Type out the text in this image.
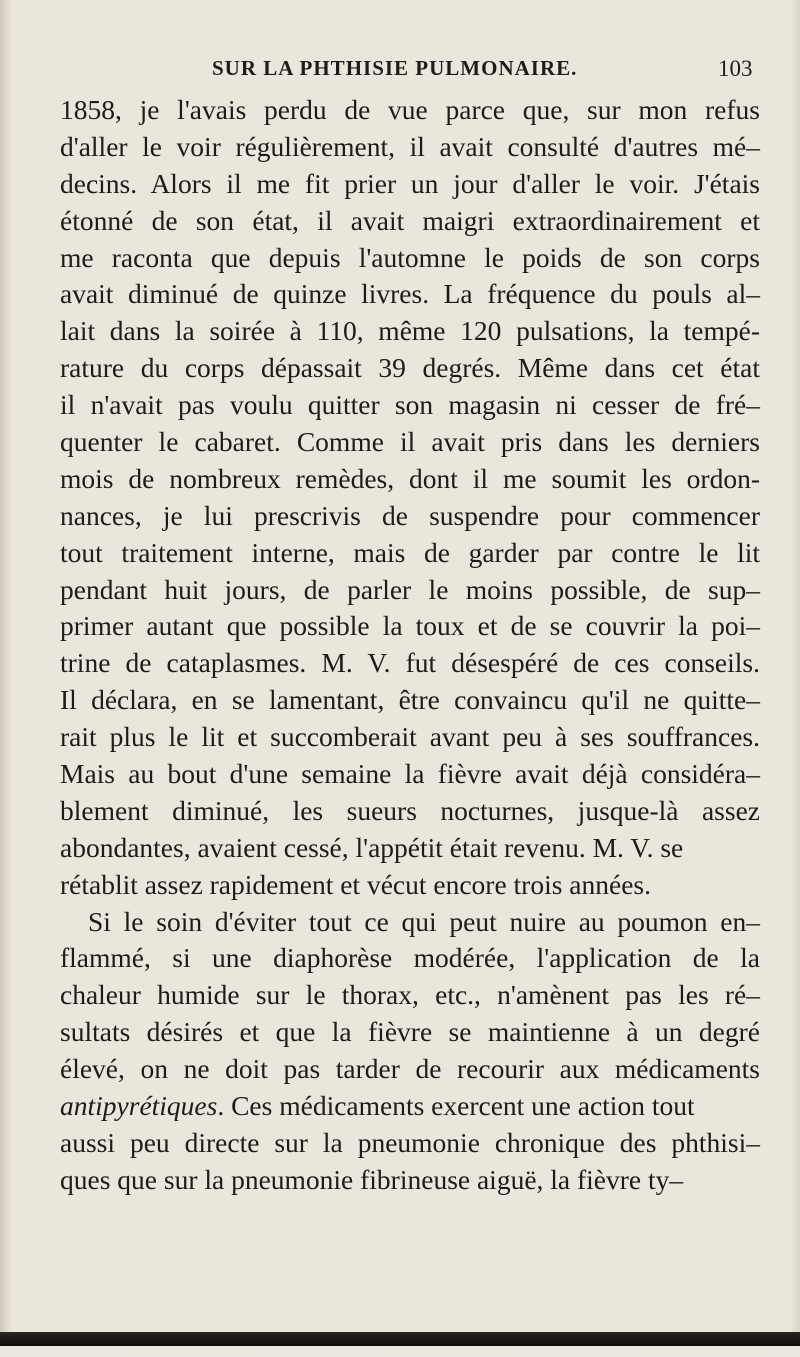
SUR LA PHTHISIE PULMONAIRE.	103
1858, je l'avais perdu de vue parce que, sur mon refus
d'aller le voir régulièrement, il avait consulté d'autres mé–
decins. Alors il me fit prier un jour d'aller le voir. J'étais
étonné de son état, il avait maigri extraordinairement et
me raconta que depuis l'automne le poids de son corps
avait diminué de quinze livres. La fréquence du pouls al–
lait dans la soirée à 110, même 120 pulsations, la tempé-
rature du corps dépassait 39 degrés. Même dans cet état
il n'avait pas voulu quitter son magasin ni cesser de fré–
quenter le cabaret. Comme il avait pris dans les derniers
mois de nombreux remèdes, dont il me soumit les ordon-
nances, je lui prescrivis de suspendre pour commencer
tout traitement interne, mais de garder par contre le lit
pendant huit jours, de parler le moins possible, de sup–
primer autant que possible la toux et de se couvrir la poi–
trine de cataplasmes. M. V. fut désespéré de ces conseils.
Il déclara, en se lamentant, être convaincu qu'il ne quitte–
rait plus le lit et succomberait avant peu à ses souffrances.
Mais au bout d'une semaine la fièvre avait déjà considéra–
blement diminué, les sueurs nocturnes, jusque-là assez
abondantes, avaient cessé, l'appétit était revenu. M. V. se
rétablit assez rapidement et vécut encore trois années.
Si le soin d'éviter tout ce qui peut nuire au poumon en–
flammé, si une diaphorèse modérée, l'application de la
chaleur humide sur le thorax, etc., n'amènent pas les ré–
sultats désirés et que la fièvre se maintienne à un degré
élevé, on ne doit pas tarder de recourir aux médicaments
antipyrétiques. Ces médicaments exercent une action tout
aussi peu directe sur la pneumonie chronique des phthisi–
ques que sur la pneumonie fibrineuse aiguë, la fièvre ty–
